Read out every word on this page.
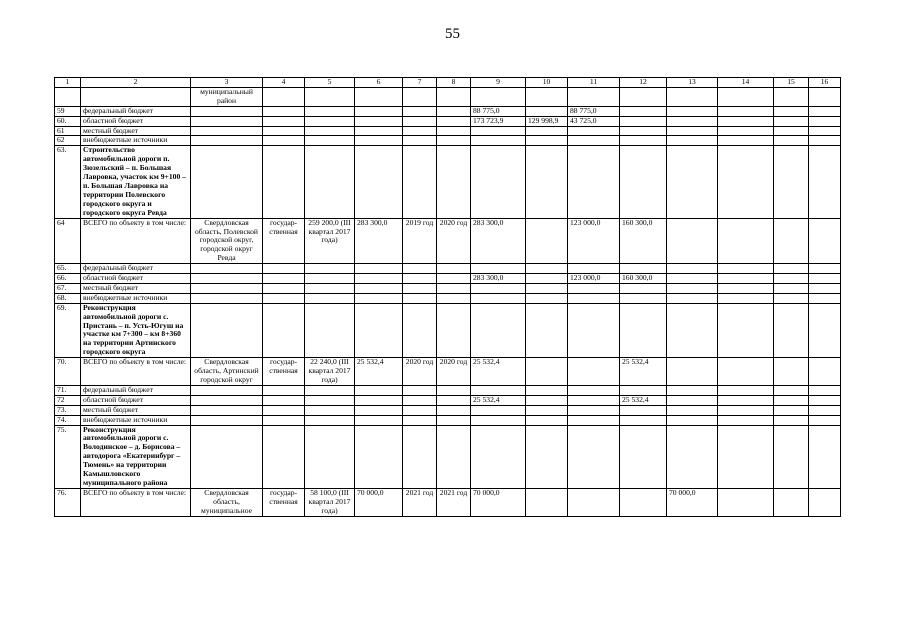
55
1	2	3	4	5	6	7	8	9	10	11	12	13	14	15	16
		муниципальный район													
59	федеральный бюджет							88 775,0		88 775,0					
60.	областной бюджет							173 723,9	129 998,9	43 725,0					
61	местный бюджет														
62	внебюджетные источники														
63.	Строительство автомобильной дороги п. Зюзельский – п. Большая Лавровка, участок км 9+100 – п. Большая Лавровка на территории Полевского городского округа и городского округа Ревда														
64	ВСЕГО по объекту в том числе:	Свердловская область, Полевской городской округ, городской округ Ревда	государ-ственная	259 200,0 (III квартал 2017 года)	283 300,0	2019 год	2020 год	283 300,0		123 000,0	160 300,0				
65.	федеральный бюджет														
66.	областной бюджет							283 300,0		123 000,0	160 300,0				
67.	местный бюджет														
68.	внебюджетные источники														
69.	Реконструкция автомобильной дороги с. Пристань – п. Усть-Югуш на участке км 7+300 – км 8+360 на территории Артинского городского округа														
70.	ВСЕГО по объекту в том числе:	Свердловская область, Артинский городской округ	государ-ственная	22 240,0 (III квартал 2017 года)	25 532,4	2020 год	2020 год	25 532,4			25 532,4				
71.	федеральный бюджет														
72	областной бюджет							25 532,4			25 532,4				
73.	местный бюджет														
74.	внебюджетные источники														
75.	Реконструкция автомобильной дороги с. Володинское – д. Борисова – автодорога «Екатеринбург – Тюмень» на территории Камышловского муниципального района														
76.	ВСЕГО по объекту в том числе:	Свердловская область, муниципальное	государ-ственная	58 100,0 (III квартал 2017 года)	70 000,0	2021 год	2021 год	70 000,0				70 000,0			
